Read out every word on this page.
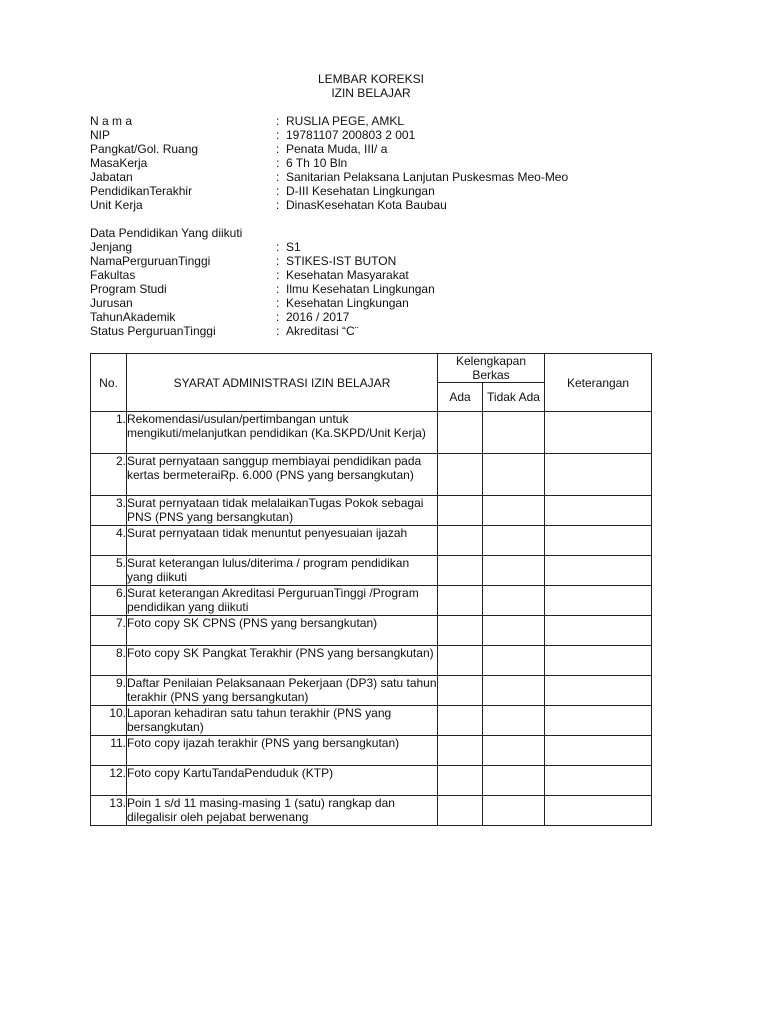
LEMBAR KOREKSI
IZIN BELAJAR
N a m a	: RUSLIA PEGE, AMKL
NIP	: 19781107 200803 2 001
Pangkat/Gol. Ruang	: Penata Muda, III/ a
MasaKerja	: 6 Th 10 Bln
Jabatan	: Sanitarian Pelaksana Lanjutan Puskesmas Meo-Meo
PendidikanTerakhir	: D-III Kesehatan Lingkungan
Unit Kerja	: DinasKesehatan Kota Baubau
Data Pendidikan Yang diikuti
Jenjang	: S1
NamaPerguruanTinggi	: STIKES-IST BUTON
Fakultas	: Kesehatan Masyarakat
Program Studi	: Ilmu Kesehatan Lingkungan
Jurusan	: Kesehatan Lingkungan
TahunAkademik	: 2016 / 2017
Status PerguruanTinggi	: Akreditasi “C¨
No.	SYARAT ADMINISTRASI IZIN BELAJAR	Kelengkapan Berkas		Keterangan
		Ada	Tidak Ada	
1.	Rekomendasi/usulan/pertimbangan untuk mengikuti/melanjutkan pendidikan (Ka.SKPD/Unit Kerja)			
2.	Surat pernyataan sanggup membiayai pendidikan pada kertas bermeteraiRp. 6.000 (PNS yang bersangkutan)			
3.	Surat pernyataan tidak melalaikanTugas Pokok sebagai PNS (PNS yang bersangkutan)			
4.	Surat pernyataan tidak menuntut penyesuaian ijazah			
5.	Surat keterangan lulus/diterima / program pendidikan yang diikuti			
6.	Surat keterangan Akreditasi PerguruanTinggi /Program pendidikan yang diikuti			
7.	Foto copy SK CPNS (PNS yang bersangkutan)			
8.	Foto copy SK Pangkat Terakhir (PNS yang bersangkutan)			
9.	Daftar Penilaian Pelaksanaan Pekerjaan (DP3) satu tahun terakhir (PNS yang bersangkutan)			
10.	Laporan kehadiran satu tahun terakhir (PNS yang bersangkutan)			
11.	Foto copy ijazah terakhir (PNS yang bersangkutan)			
12.	Foto copy KartuTandaPenduduk (KTP)			
13.	Poin 1 s/d 11 masing-masing 1 (satu) rangkap dan dilegalisir oleh pejabat berwenang			
